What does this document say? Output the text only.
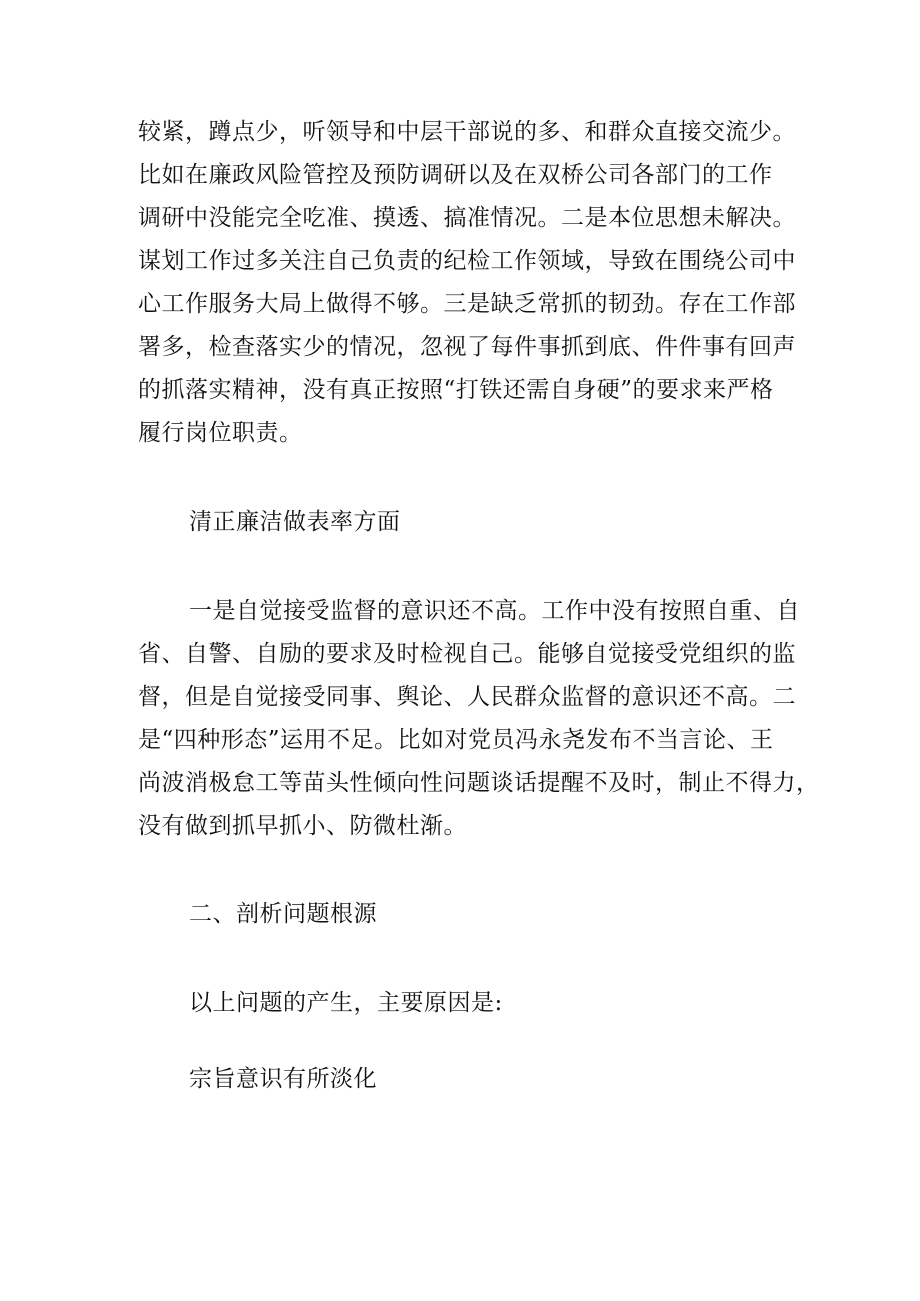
较紧，蹲点少，听领导和中层干部说的多、和群众直接交流少。
比如在廉政风险管控及预防调研以及在双桥公司各部门的工作
调研中没能完全吃准、摸透、搞准情况。二是本位思想未解决。
谋划工作过多关注自己负责的纪检工作领域，导致在围绕公司中
心工作服务大局上做得不够。三是缺乏常抓的韧劲。存在工作部
署多，检查落实少的情况，忽视了每件事抓到底、件件事有回声
的抓落实精神，没有真正按照“打铁还需自身硬”的要求来严格
履行岗位职责。
清正廉洁做表率方面
一是自觉接受监督的意识还不高。工作中没有按照自重、自
省、自警、自励的要求及时检视自己。能够自觉接受党组织的监
督，但是自觉接受同事、舆论、人民群众监督的意识还不高。二
是“四种形态”运用不足。比如对党员冯永尧发布不当言论、王
尚波消极怠工等苗头性倾向性问题谈话提醒不及时，制止不得力，
没有做到抓早抓小、防微杜渐。
二、剖析问题根源
以上问题的产生，主要原因是:
宗旨意识有所淡化
